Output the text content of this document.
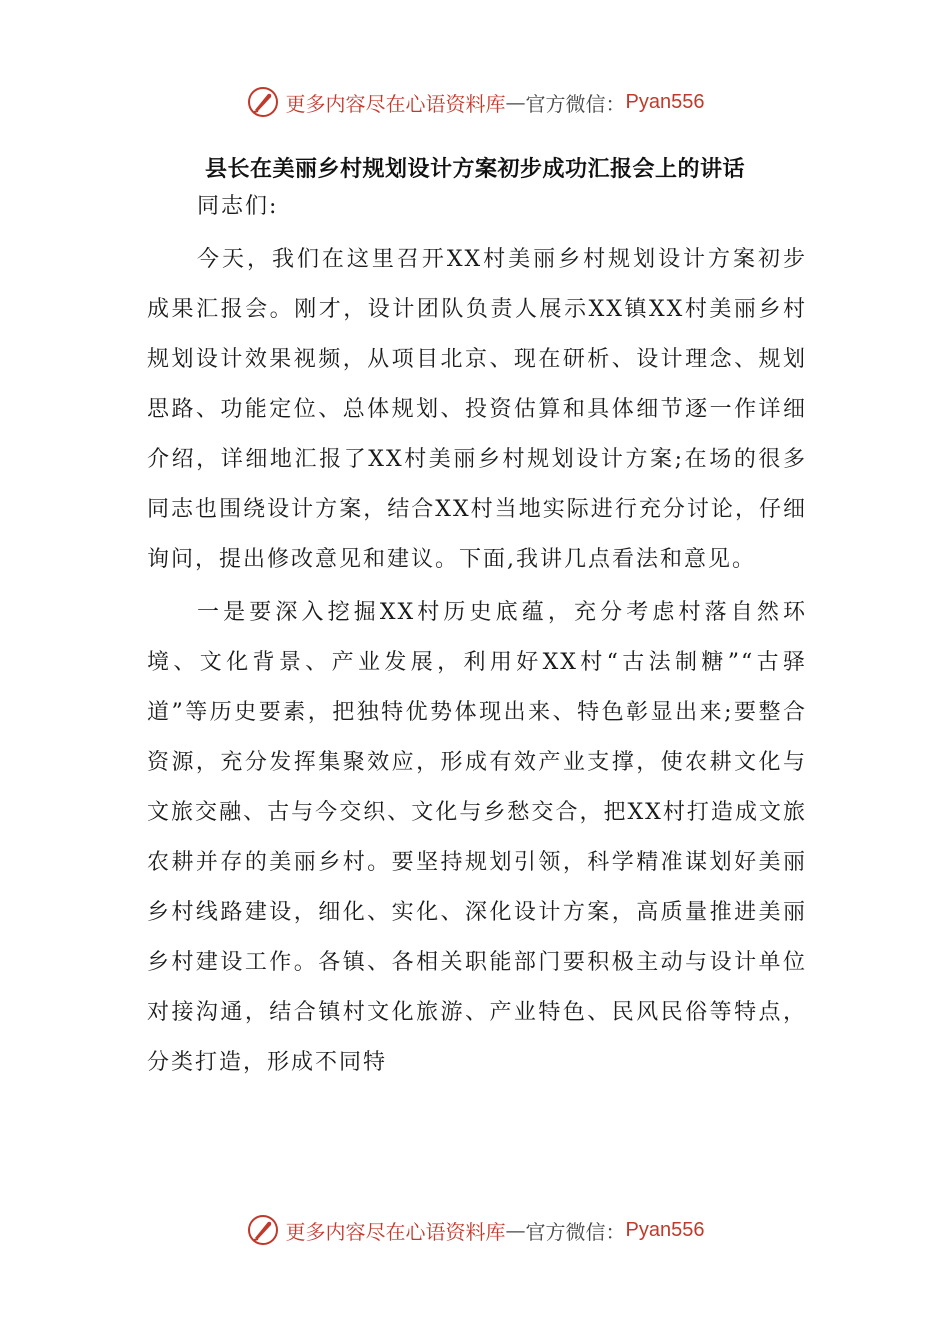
更多内容尽在心语资料库 — 官方微信： Pyan556
县长在美丽乡村规划设计方案初步成功汇报会上的讲话

同志们:

今天，我们在这里召开XX村美丽乡村规划设计方案初步成果汇报会。刚才，设计团队负责人展示XX镇XX村美丽乡村规划设计效果视频，从项目北京、现在研析、设计理念、规划思路、功能定位、总体规划、投资估算和具体细节逐一作详细介绍，详细地汇报了XX村美丽乡村规划设计方案;在场的很多同志也围绕设计方案，结合XX村当地实际进行充分讨论，仔细询问，提出修改意见和建议。下面,我讲几点看法和意见。

一是要深入挖掘XX村历史底蕴，充分考虑村落自然环境、文化背景、产业发展，利用好XX村“古法制糖”“古驿道”等历史要素，把独特优势体现出来、特色彰显出来;要整合资源，充分发挥集聚效应，形成有效产业支撑，使农耕文化与文旅交融、古与今交织、文化与乡愁交合，把XX村打造成文旅农耕并存的美丽乡村。要坚持规划引领，科学精准谋划好美丽乡村线路建设，细化、实化、深化设计方案，高质量推进美丽乡村建设工作。各镇、各相关职能部门要积极主动与设计单位对接沟通，结合镇村文化旅游、产业特色、民风民俗等特点，分类打造，形成不同特

更多内容尽在心语资料库 — 官方微信： Pyan556
